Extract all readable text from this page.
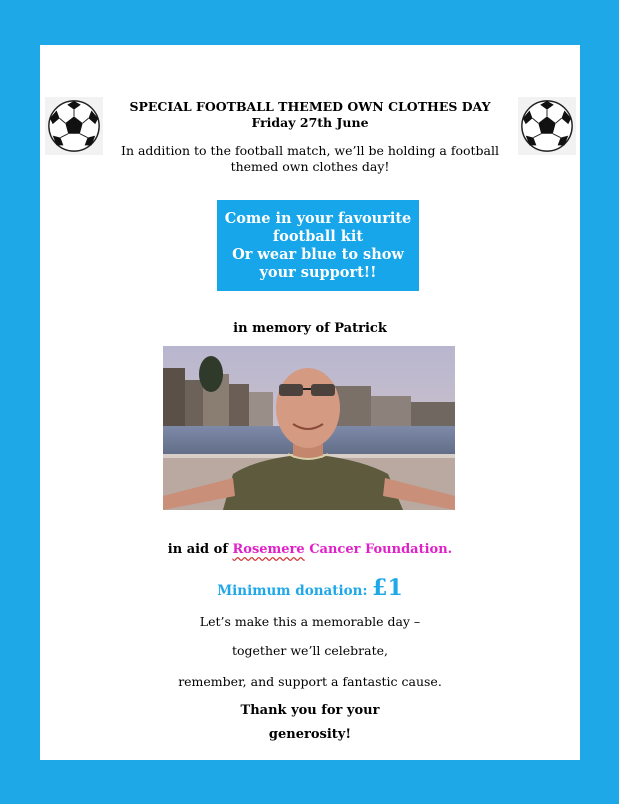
SPECIAL FOOTBALL THEMED OWN CLOTHES DAY
Friday 27th June
In addition to the football match, we’ll be holding a football themed own clothes day!
Come in your favourite
football kit
Or wear blue to show
your support!!
in memory of Patrick
in aid of Rosemere Cancer Foundation.
Minimum donation: £1
Let’s make this a memorable day –
together we’ll celebrate,
remember, and support a fantastic cause.
Thank you for your
generosity!
